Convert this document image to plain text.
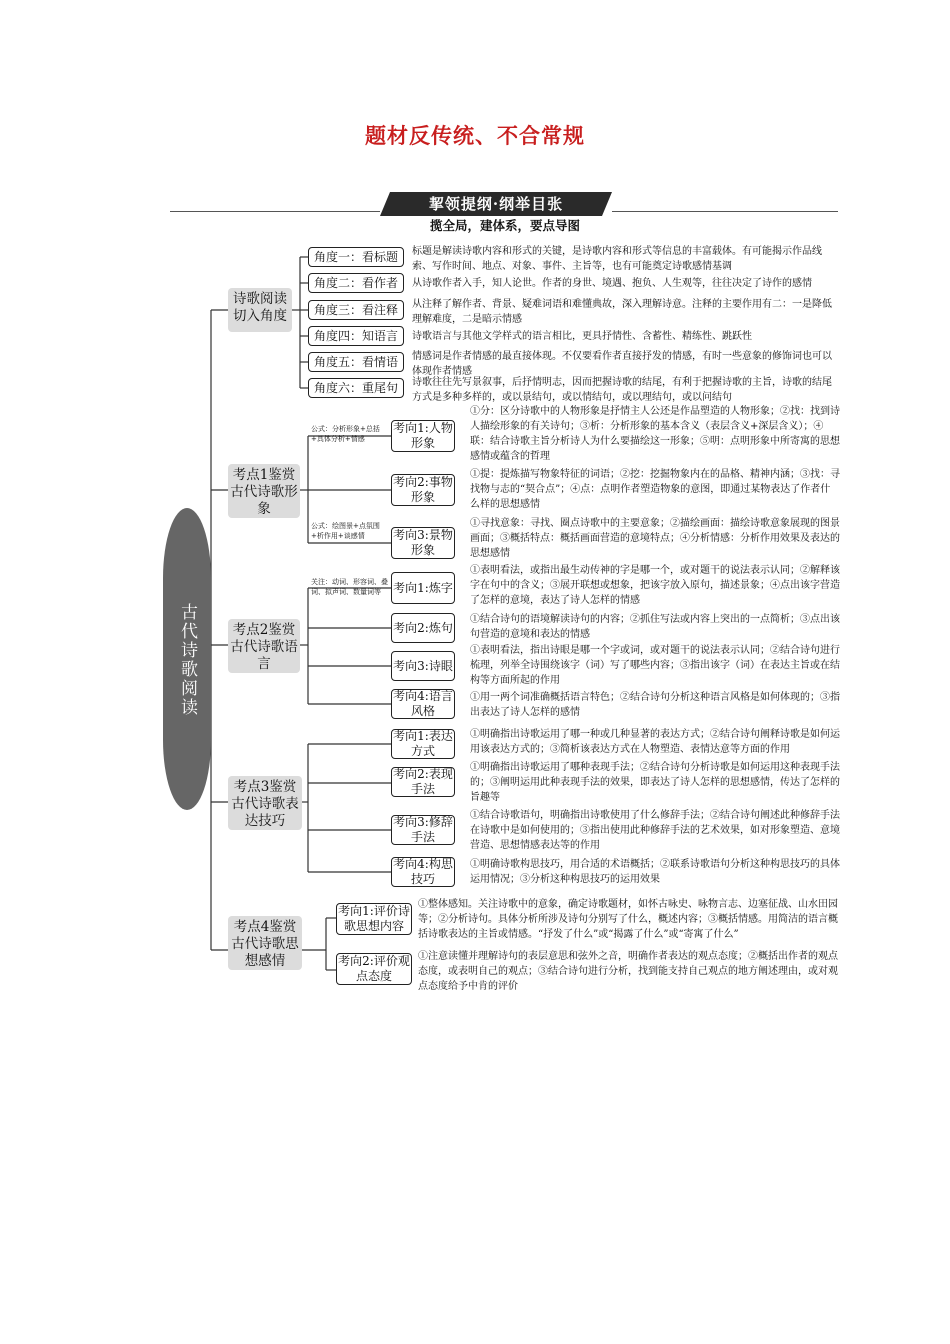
题材反传统、不合常规
挈领提纲·纲举目张
揽全局，建体系，要点导图
古代诗歌阅读
诗歌阅读切入角度
角度一：看标题 标题是解读诗歌内容和形式的关键，是诗歌内容和形式等信息的丰富载体。有可能揭示作品线索、写作时间、地点、对象、事件、主旨等，也有可能奠定诗歌感情基调
角度二：看作者 从诗歌作者入手，知人论世。作者的身世、境遇、抱负、人生观等，往往决定了诗作的感情
角度三：看注释 从注释了解作者、背景、疑难词语和难懂典故，深入理解诗意。注释的主要作用有二：一是降低理解难度，二是暗示情感
角度四：知语言 诗歌语言与其他文学样式的语言相比，更具抒情性、含蓄性、精练性、跳跃性
角度五：看情语 情感词是作者情感的最直接体现。不仅要看作者直接抒发的情感，有时一些意象的修饰词也可以体现作者情感
角度六：重尾句 诗歌往往先写景叙事，后抒情明志，因而把握诗歌的结尾，有利于把握诗歌的主旨，诗歌的结尾方式是多种多样的，或以景结句，或以情结句，或以理结句，或以问结句
考点1鉴赏古代诗歌形象
公式：分析形象+总括+具体分析+情感
公式：绘图景+点氛围+析作用+谈感情
考向1:人物形象
①分：区分诗歌中的人物形象是抒情主人公还是作品塑造的人物形象；②找：找到诗人描绘形象的有关诗句；③析：分析形象的基本含义（表层含义+深层含义）；④联：结合诗歌主旨分析诗人为什么要描绘这一形象；⑤明：点明形象中所寄寓的思想感情或蕴含的哲理
考向2:事物形象
①提：提炼描写物象特征的词语；②挖：挖掘物象内在的品格、精神内涵；③找：寻找物与志的“契合点”；④点：点明作者塑造物象的意图，即通过某物表达了作者什么样的思想感情
考向3:景物形象
①寻找意象：寻找、圈点诗歌中的主要意象；②描绘画面：描绘诗歌意象展现的图景画面；③概括特点：概括画面营造的意境特点；④分析情感：分析作用效果及表达的思想感情
考点2鉴赏古代诗歌语言
关注：动词、形容词、叠词、拟声词、数量词等	考向1:炼字
①表明看法，或指出最生动传神的字是哪一个，或对题干的说法表示认同；②解释该字在句中的含义；③展开联想或想象，把该字放入原句，描述景象；④点出该字营造了怎样的意境，表达了诗人怎样的情感
考向2:炼句
①结合诗句的语境解读诗句的内容；②抓住写法或内容上突出的一点简析；③点出该句营造的意境和表达的情感
考向3:诗眼
①表明看法，指出诗眼是哪一个字或词，或对题干的说法表示认同；②结合诗句进行梳理，列举全诗围绕该字（词）写了哪些内容；③指出该字（词）在表达主旨或在结构等方面所起的作用
考向4:语言风格
①用一两个词准确概括语言特色；②结合诗句分析这种语言风格是如何体现的；③指出表达了诗人怎样的感情
考点3鉴赏古代诗歌表达技巧
考向1:表达方式
①明确指出诗歌运用了哪一种或几种显著的表达方式；②结合诗句阐释诗歌是如何运用该表达方式的；③简析该表达方式在人物塑造、表情达意等方面的作用
考向2:表现手法
①明确指出诗歌运用了哪种表现手法；②结合诗句分析诗歌是如何运用这种表现手法的；③阐明运用此种表现手法的效果，即表达了诗人怎样的思想感情，传达了怎样的旨趣等
考向3:修辞手法
①结合诗歌语句，明确指出诗歌使用了什么修辞手法；②结合诗句阐述此种修辞手法在诗歌中是如何使用的；③指出使用此种修辞手法的艺术效果，如对形象塑造、意境营造、思想情感表达等的作用
考向4:构思技巧
①明确诗歌构思技巧，用合适的术语概括；②联系诗歌语句分析这种构思技巧的具体运用情况；③分析这种构思技巧的运用效果
考点4鉴赏古代诗歌思想感情
考向1:评价诗歌思想内容
①整体感知。关注诗歌中的意象，确定诗歌题材，如怀古咏史、咏物言志、边塞征战、山水田园等；②分析诗句。具体分析所涉及诗句分别写了什么，概述内容；③概括情感。用简洁的语言概括诗歌表达的主旨或情感。“抒发了什么”或“揭露了什么”或“寄寓了什么”
考向2:评价观点态度
①注意读懂并理解诗句的表层意思和弦外之音，明确作者表达的观点态度；②概括出作者的观点态度，或表明自己的观点；③结合诗句进行分析，找到能支持自己观点的地方阐述理由，或对观点态度给予中肯的评价
